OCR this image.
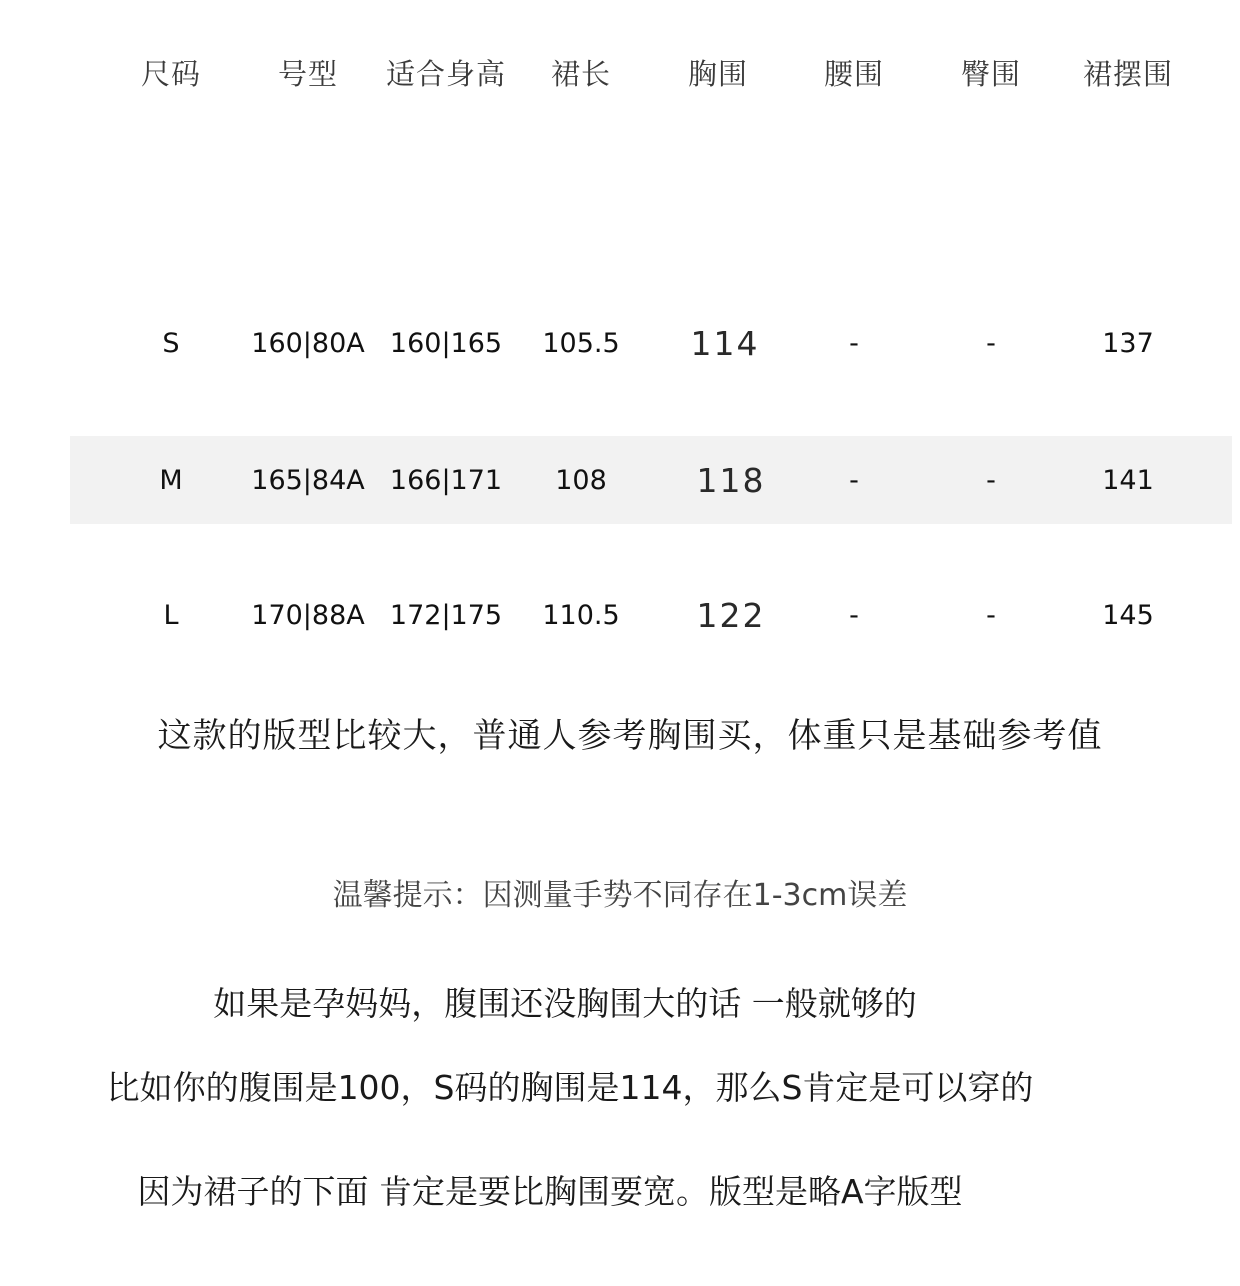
尺码	号型 适合身高 裙长	胸围	腰围	臀围 裙摆围
S	160|80A 160|165 105.5 114	-	-	137
M	165|84A 166|171 108	118	-	-	141
L	170|88A 172|175 110.5 122	-	-	145
这款的版型比较大，普通人参考胸围买，体重只是基础参考值
温馨提示：因测量手势不同存在1-3cm误差
如果是孕妈妈，腹围还没胸围大的话 一般就够的
比如你的腹围是100，S码的胸围是114，那么S肯定是可以穿的
因为裙子的下面 肯定是要比胸围要宽。版型是略A字版型
